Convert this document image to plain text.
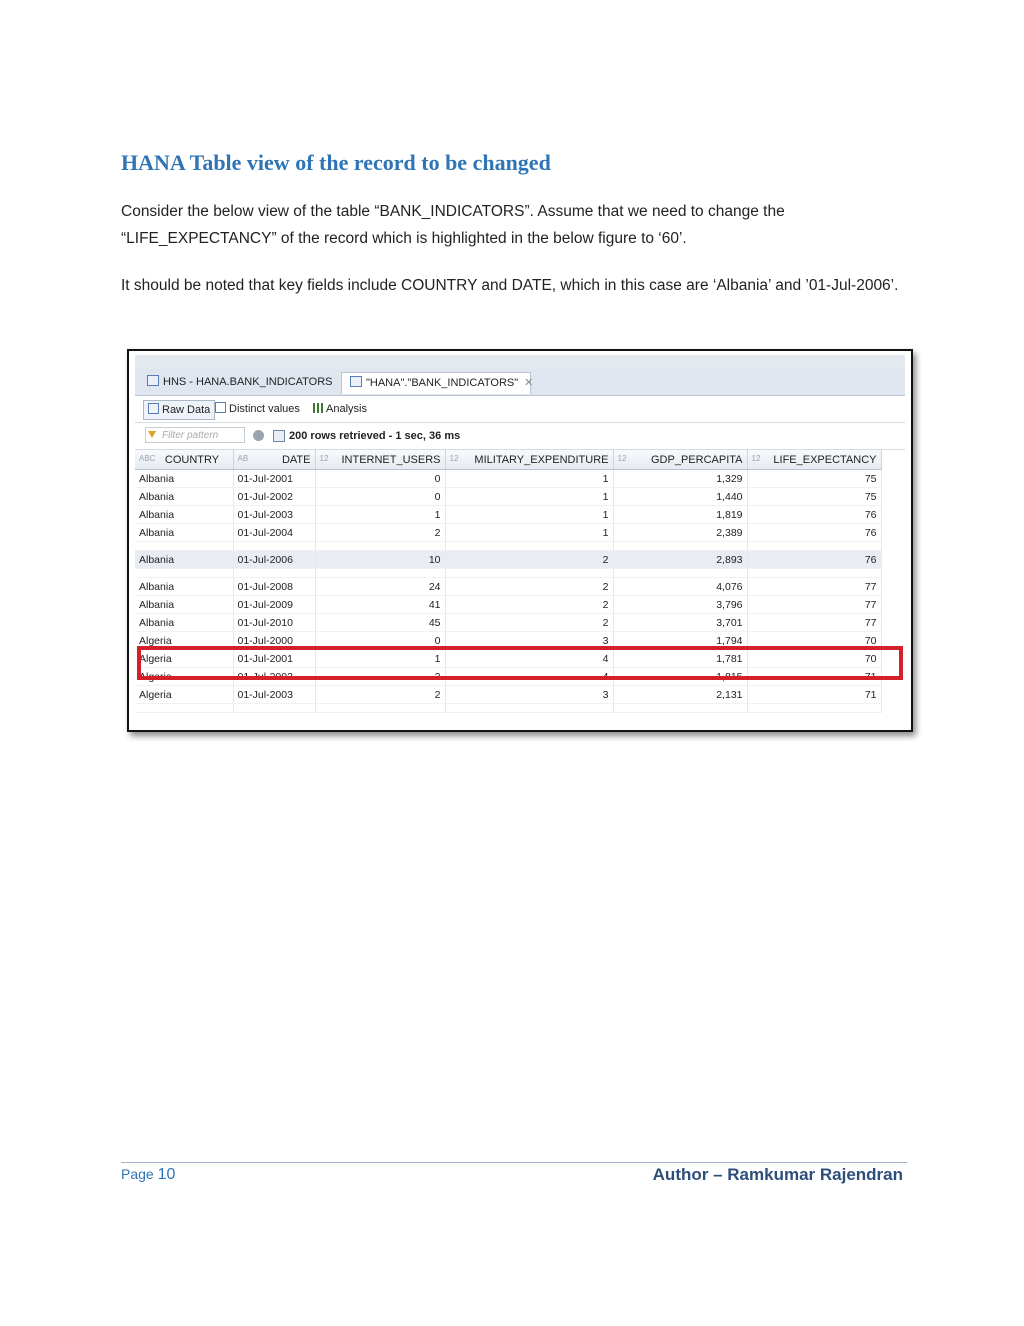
HANA Table view of the record to be changed

Consider the below view of the table “BANK_INDICATORS”. Assume that we need to change the “LIFE_EXPECTANCY” of the record which is highlighted in the below figure to ‘60’.

It should be noted that key fields include COUNTRY and DATE, which in this case are ‘Albania’ and ’01-Jul-2006’.

HNS - HANA.BANK_INDICATORS	"HANA"."BANK_INDICATORS" ✕
Raw Data	Distinct values	Analysis
Filter pattern	200 rows retrieved - 1 sec, 36 ms
ABC COUNTRY	AB DATE	12 INTERNET_USERS	12 MILITARY_EXPENDITURE	12 GDP_PERCAPITA	12 LIFE_EXPECTANCY
Albania	01-Jul-2001	0	1	1,329	75
Albania	01-Jul-2002	0	1	1,440	75
Albania	01-Jul-2003	1	1	1,819	76
Albania	01-Jul-2004	2	1	2,389	76

Albania	01-Jul-2006	10	2	2,893	76

Albania	01-Jul-2008	24	2	4,076	77
Albania	01-Jul-2009	41	2	3,796	77
Albania	01-Jul-2010	45	2	3,701	77
Algeria	01-Jul-2000	0	3	1,794	70
Algeria	01-Jul-2001	1	4	1,781	70
Algeria	01-Jul-2002	2	4	1,815	71
Algeria	01-Jul-2003	2	3	2,131	71

Page 10	Author – Ramkumar Rajendran
